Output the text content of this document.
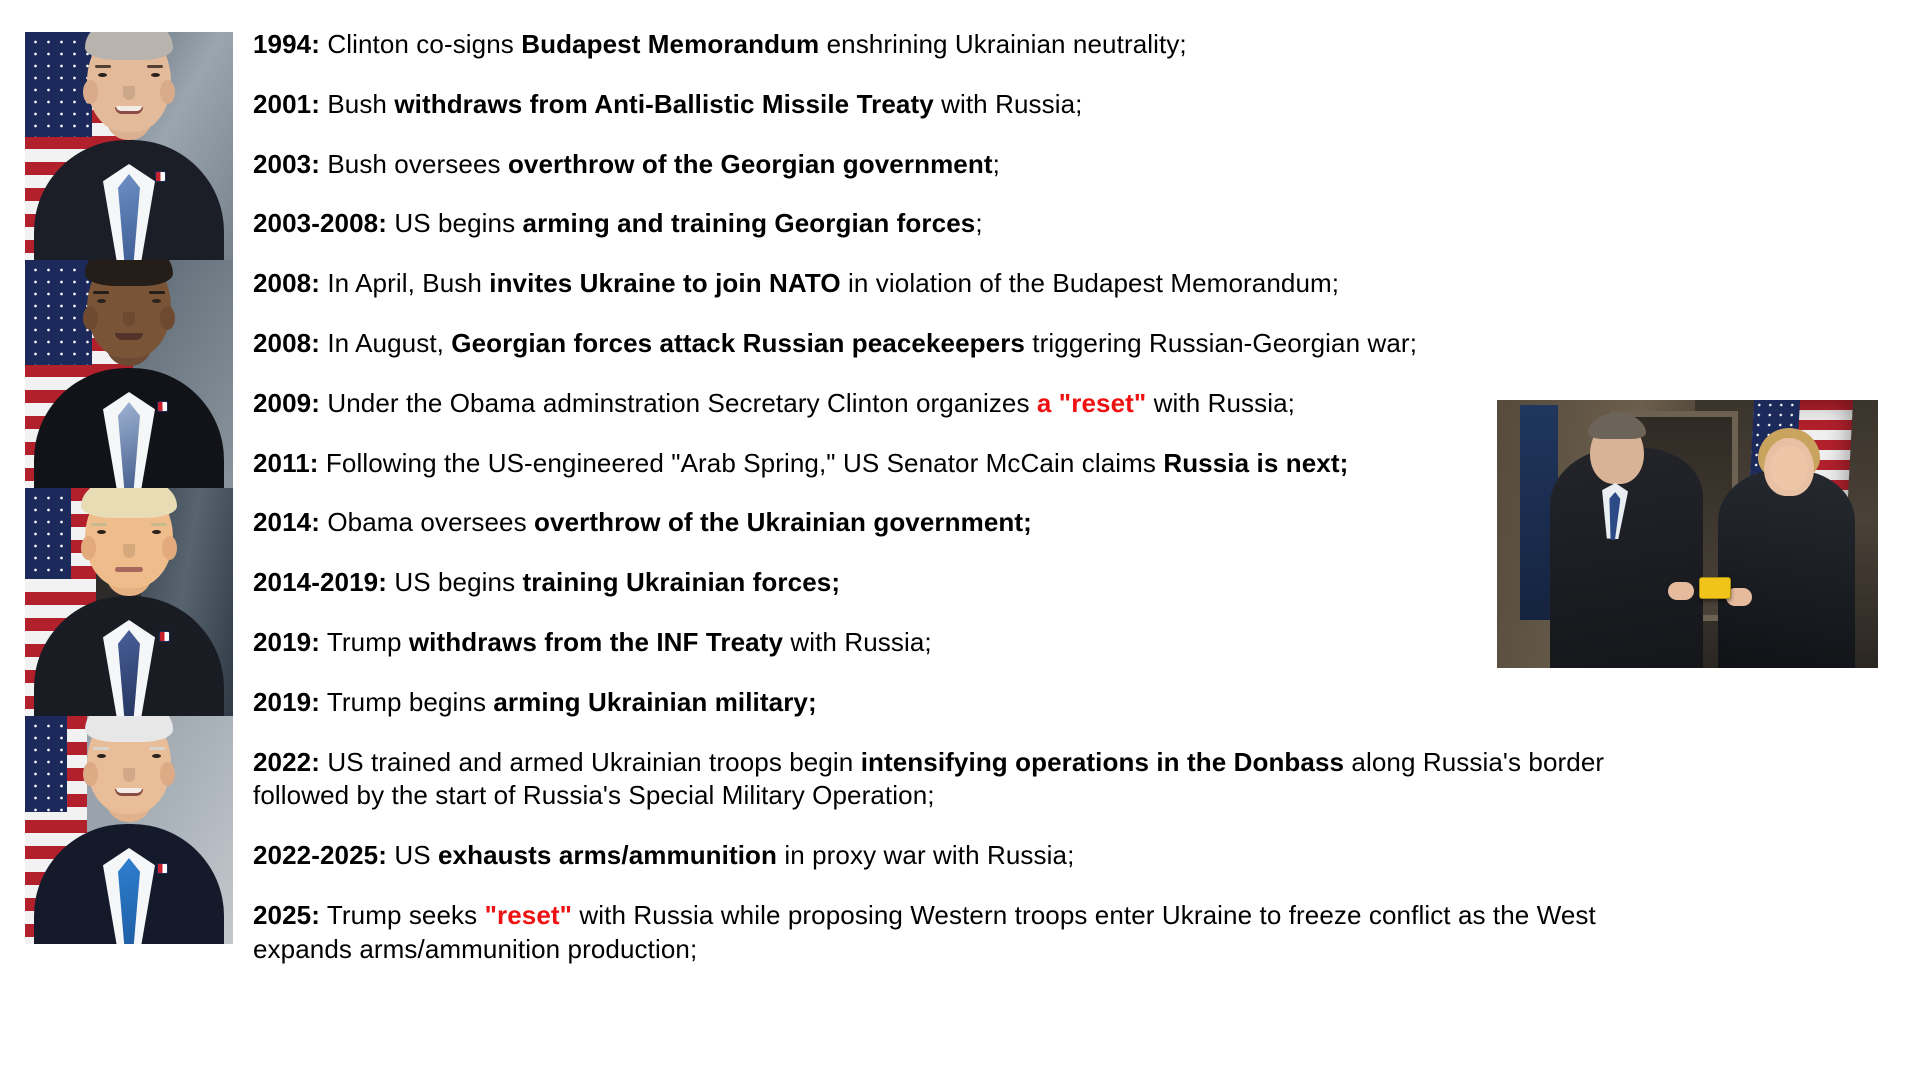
1994: Clinton co-signs Budapest Memorandum enshrining Ukrainian neutrality;

2001: Bush withdraws from Anti-Ballistic Missile Treaty with Russia;

2003: Bush oversees overthrow of the Georgian government;

2003-2008: US begins arming and training Georgian forces;

2008: In April, Bush invites Ukraine to join NATO in violation of the Budapest Memorandum;

2008: In August, Georgian forces attack Russian peacekeepers triggering Russian-Georgian war;

2009: Under the Obama adminstration Secretary Clinton organizes a "reset" with Russia;

2011: Following the US-engineered "Arab Spring," US Senator McCain claims Russia is next;

2014: Obama oversees overthrow of the Ukrainian government;

2014-2019: US begins training Ukrainian forces;

2019: Trump withdraws from the INF Treaty with Russia;

2019: Trump begins arming Ukrainian military;

2022: US trained and armed Ukrainian troops begin intensifying operations in the Donbass along Russia's border followed by the start of Russia's Special Military Operation;

2022-2025: US exhausts arms/ammunition in proxy war with Russia;

2025: Trump seeks "reset" with Russia while proposing Western troops enter Ukraine to freeze conflict as the West expands arms/ammunition production;
